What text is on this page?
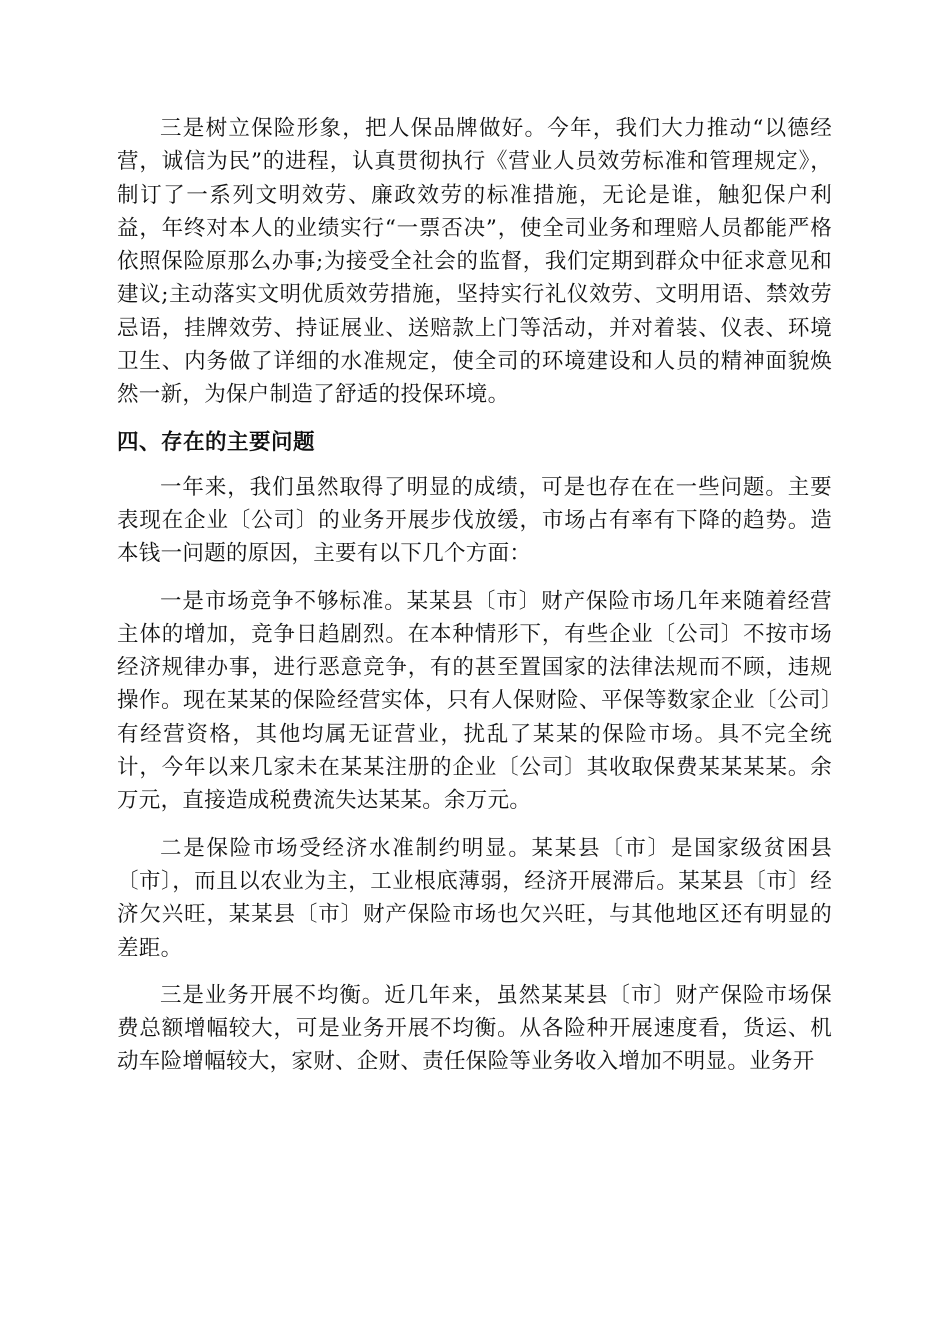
三是树立保险形象，把人保品牌做好。今年，我们大力推动“以德经营，诚信为民”的进程，认真贯彻执行《营业人员效劳标准和管理规定》，制订了一系列文明效劳、廉政效劳的标准措施，无论是谁，触犯保户利益，年终对本人的业绩实行“一票否决”，使全司业务和理赔人员都能严格依照保险原那么办事;为接受全社会的监督，我们定期到群众中征求意见和建议;主动落实文明优质效劳措施，坚持实行礼仪效劳、文明用语、禁效劳忌语，挂牌效劳、持证展业、送赔款上门等活动，并对着装、仪表、环境卫生、内务做了详细的水准规定，使全司的环境建设和人员的精神面貌焕然一新，为保户制造了舒适的投保环境。

四、存在的主要问题

一年来，我们虽然取得了明显的成绩，可是也存在在一些问题。主要表现在企业〔公司〕的业务开展步伐放缓，市场占有率有下降的趋势。造本钱一问题的原因，主要有以下几个方面：

一是市场竞争不够标准。某某县〔市〕财产保险市场几年来随着经营主体的增加，竞争日趋剧烈。在本种情形下，有些企业〔公司〕不按市场经济规律办事，进行恶意竞争，有的甚至置国家的法律法规而不顾，违规操作。现在某某的保险经营实体，只有人保财险、平保等数家企业〔公司〕有经营资格，其他均属无证营业，扰乱了某某的保险市场。具不完全统计，今年以来几家未在某某注册的企业〔公司〕其收取保费某某某某。余万元，直接造成税费流失达某某。余万元。

二是保险市场受经济水准制约明显。某某县〔市〕是国家级贫困县〔市〕，而且以农业为主，工业根底薄弱，经济开展滞后。某某县〔市〕经济欠兴旺，某某县〔市〕财产保险市场也欠兴旺，与其他地区还有明显的差距。

三是业务开展不均衡。近几年来，虽然某某县〔市〕财产保险市场保费总额增幅较大，可是业务开展不均衡。从各险种开展速度看，货运、机动车险增幅较大，家财、企财、责任保险等业务收入增加不明显。业务开
